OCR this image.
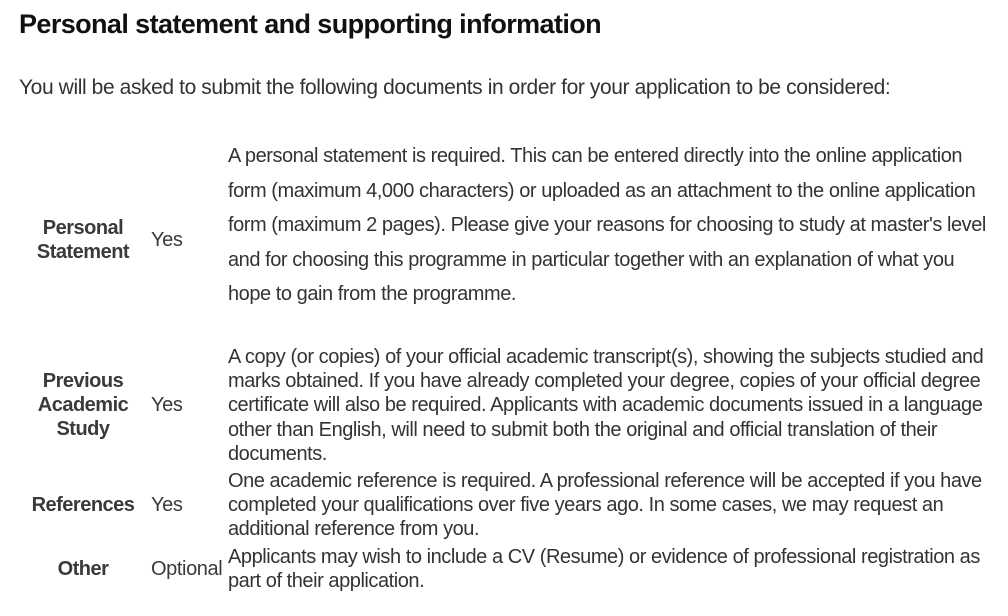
Personal statement and supporting information

You will be asked to submit the following documents in order for your application to be considered:

Personal Statement
Yes
A personal statement is required. This can be entered directly into the online application form (maximum 4,000 characters) or uploaded as an attachment to the online application form (maximum 2 pages). Please give your reasons for choosing to study at master's level and for choosing this programme in particular together with an explanation of what you hope to gain from the programme.
Previous Academic Study
Yes
A copy (or copies) of your official academic transcript(s), showing the subjects studied and marks obtained. If you have already completed your degree, copies of your official degree certificate will also be required. Applicants with academic documents issued in a language other than English, will need to submit both the original and official translation of their documents.
References Yes
One academic reference is required. A professional reference will be accepted if you have completed your qualifications over five years ago. In some cases, we may request an additional reference from you.
Other	Optional
Applicants may wish to include a CV (Resume) or evidence of professional registration as part of their application.
